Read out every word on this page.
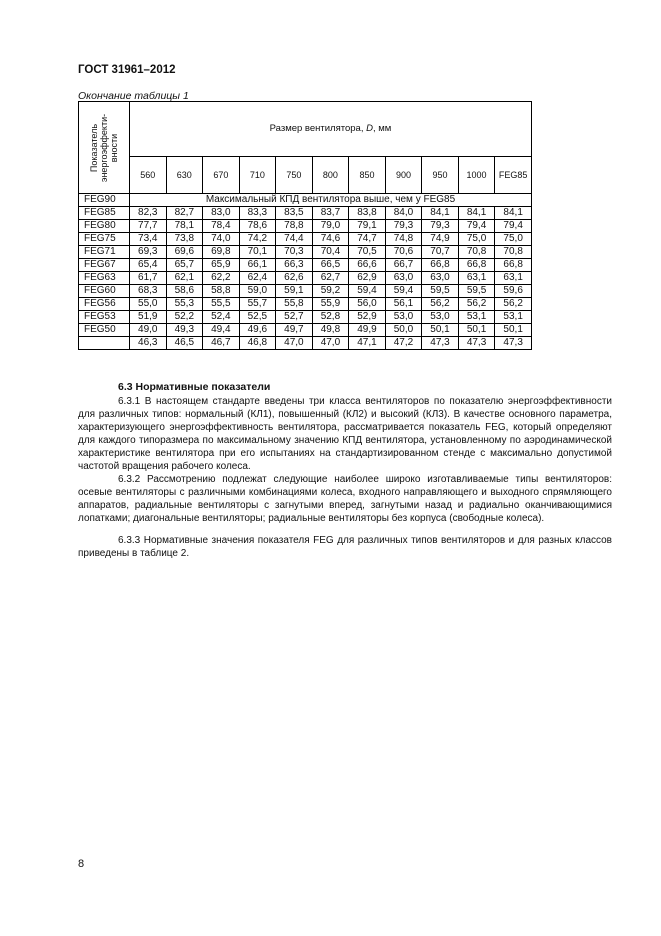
ГОСТ 31961–2012
Окончание таблицы 1
Показатель энергоэффекти-вности	Размер вентилятора, D, мм										
	560	630	670	710	750	800	850	900	950	1000	FEG85
FEG90	Максимальный КПД вентилятора выше, чем у FEG85										
FEG85	82,3	82,7	83,0	83,3	83,5	83,7	83,8	84,0	84,1	84,1	84,1
FEG80	77,7	78,1	78,4	78,6	78,8	79,0	79,1	79,3	79,3	79,4	79,4
FEG75	73,4	73,8	74,0	74,2	74,4	74,6	74,7	74,8	74,9	75,0	75,0
FEG71	69,3	69,6	69,8	70,1	70,3	70,4	70,5	70,6	70,7	70,8	70,8
FEG67	65,4	65,7	65,9	66,1	66,3	66,5	66,6	66,7	66,8	66,8	66,8
FEG63	61,7	62,1	62,2	62,4	62,6	62,7	62,9	63,0	63,0	63,1	63,1
FEG60	68,3	58,6	58,8	59,0	59,1	59,2	59,4	59,4	59,5	59,5	59,6
FEG56	55,0	55,3	55,5	55,7	55,8	55,9	56,0	56,1	56,2	56,2	56,2
FEG53	51,9	52,2	52,4	52,5	52,7	52,8	52,9	53,0	53,0	53,1	53,1
FEG50	49,0	49,3	49,4	49,6	49,7	49,8	49,9	50,0	50,1	50,1	50,1
	46,3	46,5	46,7	46,8	47,0	47,0	47,1	47,2	47,3	47,3	47,3
6.3 Нормативные показатели

6.3.1 В настоящем стандарте введены три класса вентиляторов по показателю энергоэффективности для различных типов: нормальный (КЛ1), повышенный (КЛ2) и высокий (КЛ3). В качестве основного параметра, характеризующего энергоэффективность вентилятора, рассматривается показатель FEG, который определяют для каждого типоразмера по максимальному значению КПД вентилятора, установленному по аэродинамической характеристике вентилятора при его испытаниях на стандартизированном стенде с максимально допустимой частотой вращения рабочего колеса.

6.3.2 Рассмотрению подлежат следующие наиболее широко изготавливаемые типы вентиляторов: осевые вентиляторы с различными комбинациями колеса, входного направляющего и выходного спрямляющего аппаратов, радиальные вентиляторы с загнутыми вперед, загнутыми назад и радиально оканчивающимися лопатками; диагональные вентиляторы; радиальные вентиляторы без корпуса (свободные колеса).

6.3.3 Нормативные значения показателя FEG для различных типов вентиляторов и для разных классов приведены в таблице 2.

8
